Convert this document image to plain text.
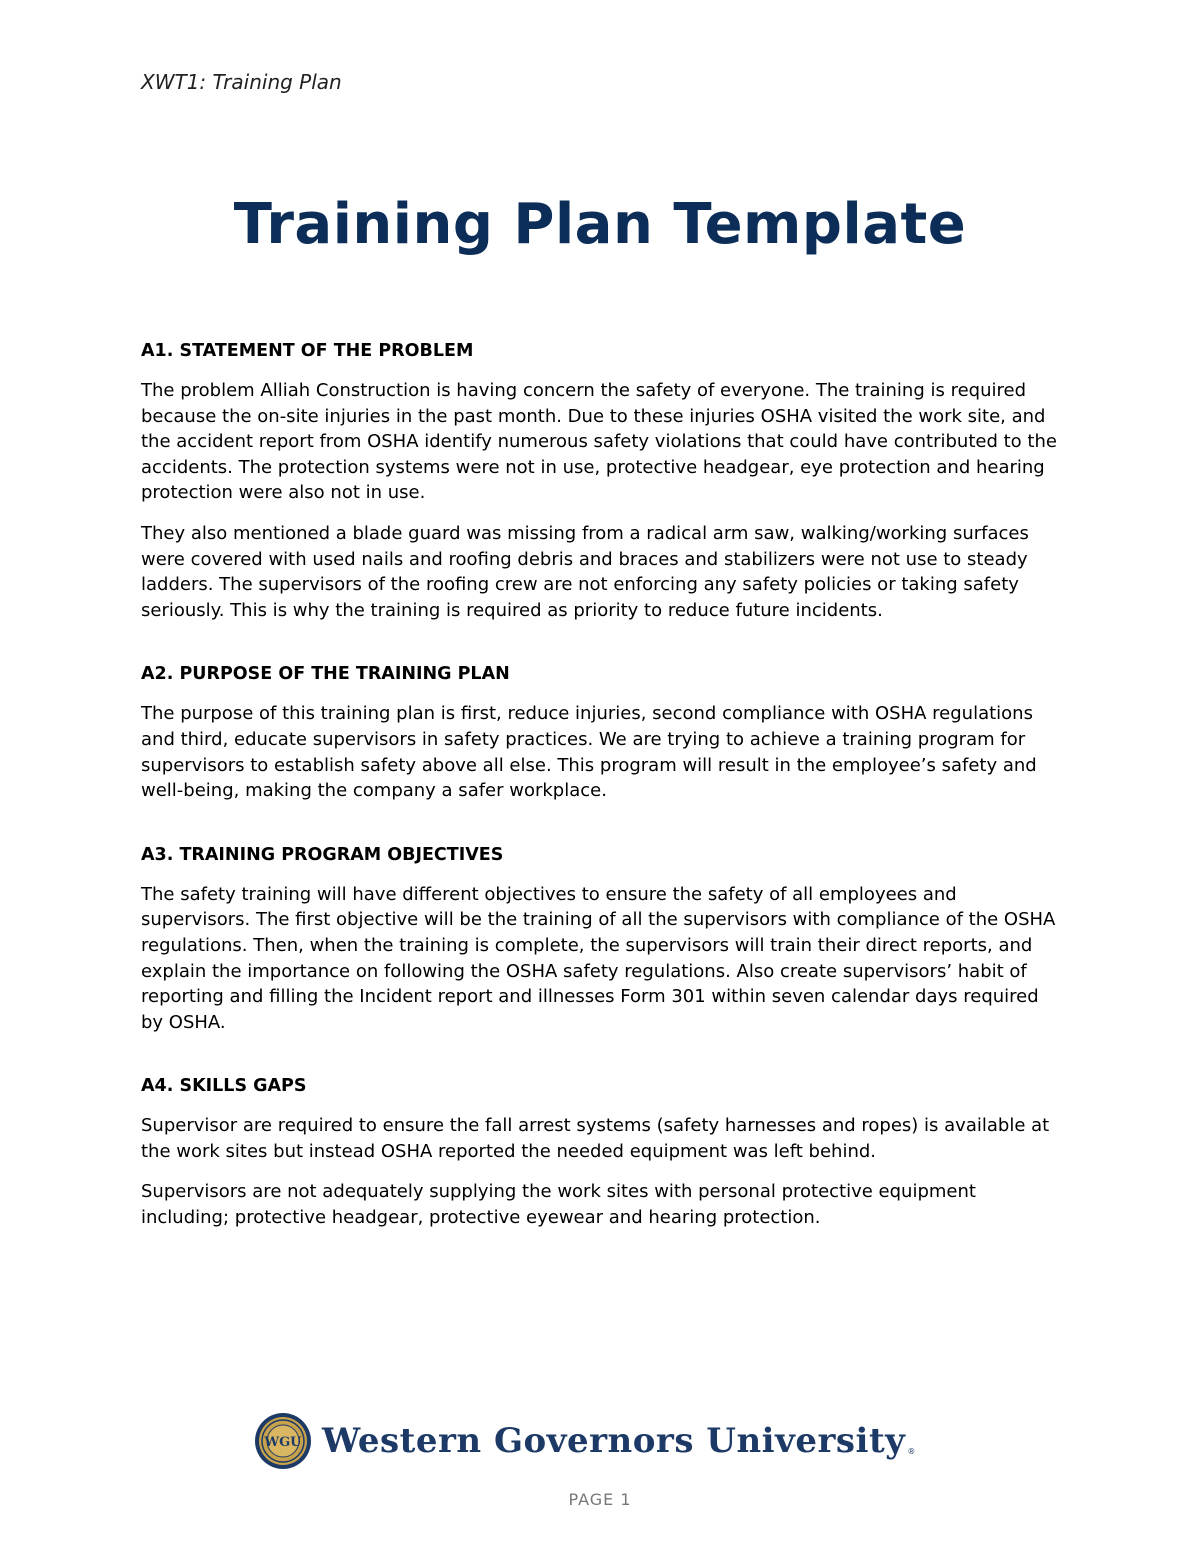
XWT1: Training Plan
Training Plan Template
A1. STATEMENT OF THE PROBLEM

The problem Alliah Construction is having concern the safety of everyone. The training is required because the on-site injuries in the past month. Due to these injuries OSHA visited the work site, and the accident report from OSHA identify numerous safety violations that could have contributed to the accidents. The protection systems were not in use, protective headgear, eye protection and hearing protection were also not in use.

They also mentioned a blade guard was missing from a radical arm saw, walking/working surfaces were covered with used nails and roofing debris and braces and stabilizers were not use to steady ladders. The supervisors of the roofing crew are not enforcing any safety policies or taking safety seriously. This is why the training is required as priority to reduce future incidents.

A2. PURPOSE OF THE TRAINING PLAN

The purpose of this training plan is first, reduce injuries, second compliance with OSHA regulations and third, educate supervisors in safety practices. We are trying to achieve a training program for supervisors to establish safety above all else. This program will result in the employee’s safety and well-being, making the company a safer workplace.

A3. TRAINING PROGRAM OBJECTIVES

The safety training will have different objectives to ensure the safety of all employees and supervisors. The first objective will be the training of all the supervisors with compliance of the OSHA regulations. Then, when the training is complete, the supervisors will train their direct reports, and explain the importance on following the OSHA safety regulations. Also create supervisors’ habit of reporting and filling the Incident report and illnesses Form 301 within seven calendar days required by OSHA.

A4. SKILLS GAPS

Supervisor are required to ensure the fall arrest systems (safety harnesses and ropes) is available at the work sites but instead OSHA reported the needed equipment was left behind.

Supervisors are not adequately supplying the work sites with personal protective equipment including; protective headgear, protective eyewear and hearing protection.

WGU Western Governors University ®
PAGE 1
